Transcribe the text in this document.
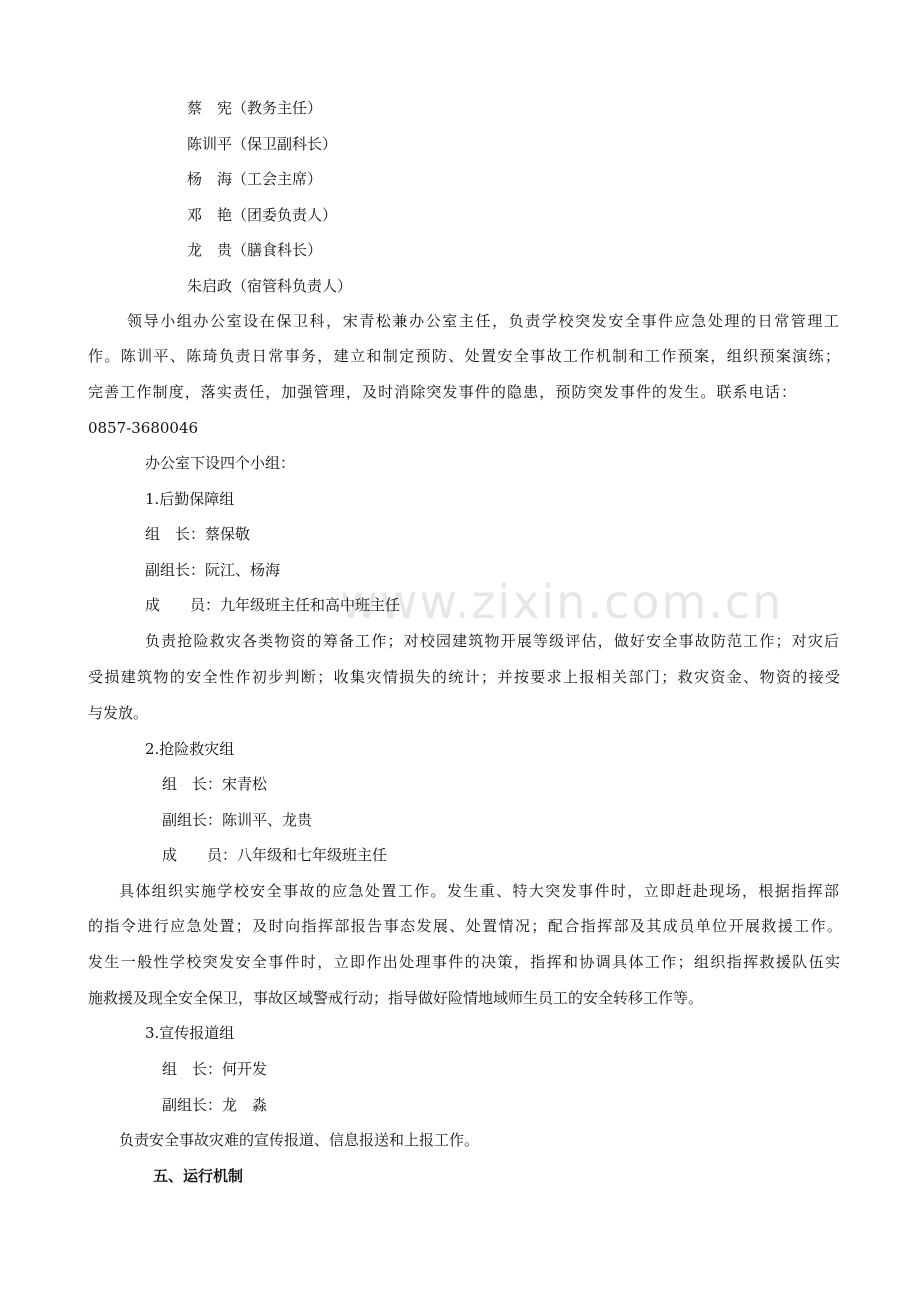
www.zixin.com.cn
蔡　宪（教务主任）
陈训平（保卫副科长）
杨　海（工会主席）
邓　艳（团委负责人）
龙　贵（膳食科长）
朱启政（宿管科负责人）
领导小组办公室设在保卫科，宋青松兼办公室主任，负责学校突发安全事件应急处理的日常管理工
作。陈训平、陈琦负责日常事务，建立和制定预防、处置安全事故工作机制和工作预案，组织预案演练；
完善工作制度，落实责任，加强管理，及时消除突发事件的隐患，预防突发事件的发生。联系电话：
0857-3680046
办公室下设四个小组：
1.后勤保障组
组　长：蔡保敬
副组长：阮江、杨海
成　　员：九年级班主任和高中班主任
负责抢险救灾各类物资的筹备工作；对校园建筑物开展等级评估，做好安全事故防范工作；对灾后
受损建筑物的安全性作初步判断；收集灾情损失的统计；并按要求上报相关部门；救灾资金、物资的接受
与发放。
2.抢险救灾组
组　长：宋青松
副组长：陈训平、龙贵
成　　员：八年级和七年级班主任
具体组织实施学校安全事故的应急处置工作。发生重、特大突发事件时，立即赶赴现场，根据指挥部
的指令进行应急处置；及时向指挥部报告事态发展、处置情况；配合指挥部及其成员单位开展救援工作。
发生一般性学校突发安全事件时，立即作出处理事件的决策，指挥和协调具体工作；组织指挥救援队伍实
施救援及现全安全保卫，事故区域警戒行动；指导做好险情地域师生员工的安全转移工作等。
3.宣传报道组
组　长：何开发
副组长：龙　淼
负责安全事故灾难的宣传报道、信息报送和上报工作。
五、运行机制
